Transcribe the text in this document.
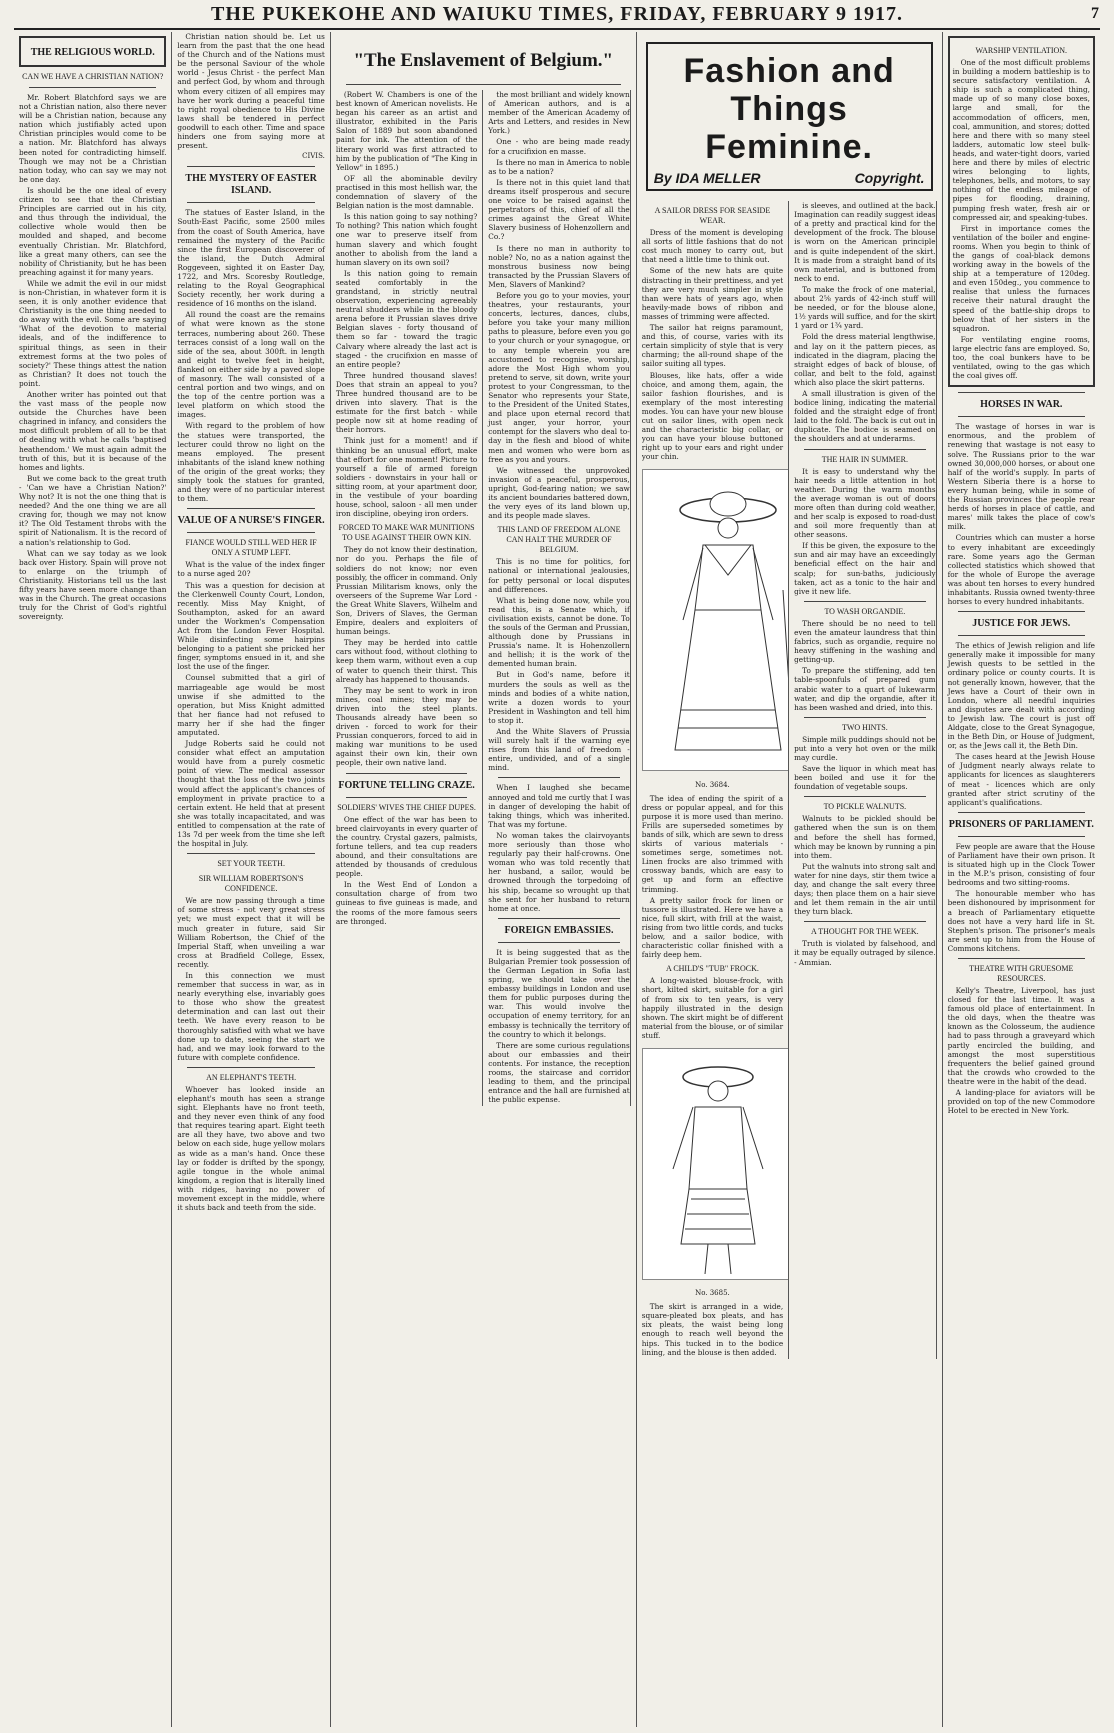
THE PUKEKOHE AND WAIUKU TIMES, FRIDAY, FEBRUARY 9 1917.	7
THE RELIGIOUS WORLD.
CAN WE HAVE A CHRISTIAN NATION?

Mr. Robert Blatchford says we are not a Christian nation, also there never will be a Christian nation, because any nation which justifiably acted upon Christian principles would come to be a nation. Mr. Blatchford has always been noted for contradicting himself. Though we may not be a Christian nation today, who can say we may not be one day.

Is should be the one ideal of every citizen to see that the Christian Principles are carried out in his city, and thus through the individual, the collective whole would then be moulded and shaped, and become eventually Christian. Mr. Blatchford, like a great many others, can see the nobility of Christianity, but he has been preaching against it for many years.

While we admit the evil in our midst is non-Christian, in whatever form it is seen, it is only another evidence that Christianity is the one thing needed to do away with the evil. Some are saying 'What of the devotion to material ideals, and of the indifference to spiritual things, as seen in their extremest forms at the two poles of society?' These things attest the nation as Christian? It does not touch the point.

Another writer has pointed out that the vast mass of the people now outside the Churches have been chagrined in infancy, and considers the most difficult problem of all to be that of dealing with what he calls 'baptised heathendom.' We must again admit the truth of this, but it is because of the homes and lights.

But we come back to the great truth - 'Can we have a Christian Nation?' Why not? It is not the one thing that is needed? And the one thing we are all craving for, though we may not know it? The Old Testament throbs with the spirit of Nationalism. It is the record of a nation's relationship to God.

What can we say today as we look back over History. Spain will prove not to enlarge on the triumph of Christianity. Historians tell us the last fifty years have seen more change than was in the Church. The great occasions truly for the Christ of God's rightful sovereignty.

Christian nation should be. Let us learn from the past that the one head of the Church and of the Nations must be the personal Saviour of the whole world - Jesus Christ - the perfect Man and perfect God, by whom and through whom every citizen of all empires may have her work during a peaceful time to right royal obedience to His Divine laws shall be tendered in perfect goodwill to each other. Time and space hinders one from saying more at present.

CIVIS.
THE MYSTERY OF EASTER ISLAND.

The statues of Easter Island, in the South-East Pacific, some 2500 miles from the coast of South America, have remained the mystery of the Pacific since the first European discoverer of the island, the Dutch Admiral Roggeveen, sighted it on Easter Day, 1722, and Mrs. Scoresby Routledge, relating to the Royal Geographical Society recently, her work during a residence of 16 months on the island.

All round the coast are the remains of what were known as the stone terraces, numbering about 260. These terraces consist of a long wall on the side of the sea, about 300ft. in length and eight to twelve feet in height, flanked on either side by a paved slope of masonry. The wall consisted of a central portion and two wings, and on the top of the centre portion was a level platform on which stood the images.

With regard to the problem of how the statues were transported, the lecturer could throw no light on the means employed. The present inhabitants of the island knew nothing of the origin of the great works; they simply took the statues for granted, and they were of no particular interest to them.

VALUE OF A NURSE'S FINGER.
FIANCE WOULD STILL WED HER IF ONLY A STUMP LEFT.

What is the value of the index finger to a nurse aged 20?

This was a question for decision at the Clerkenwell County Court, London, recently. Miss May Knight, of Southampton, asked for an award under the Workmen's Compensation Act from the London Fever Hospital. While disinfecting some hairpins belonging to a patient she pricked her finger, symptoms ensued in it, and she lost the use of the finger.

Counsel submitted that a girl of marriageable age would be most unwise if she admitted to the operation, but Miss Knight admitted that her fiance had not refused to marry her if she had the finger amputated.

Judge Roberts said he could not consider what effect an amputation would have from a purely cosmetic point of view. The medical assessor thought that the loss of the two joints would affect the applicant's chances of employment in private practice to a certain extent. He held that at present she was totally incapacitated, and was entitled to compensation at the rate of 13s 7d per week from the time she left the hospital in July.

SET YOUR TEETH.
SIR WILLIAM ROBERTSON'S CONFIDENCE.

We are now passing through a time of some stress - not very great stress yet; we must expect that it will be much greater in future, said Sir William Robertson, the Chief of the Imperial Staff, when unveiling a war cross at Bradfield College, Essex, recently.

In this connection we must remember that success in war, as in nearly everything else, invariably goes to those who show the greatest determination and can last out their teeth. We have every reason to be thoroughly satisfied with what we have done up to date, seeing the start we had, and we may look forward to the future with complete confidence.

AN ELEPHANT'S TEETH.

Whoever has looked inside an elephant's mouth has seen a strange sight. Elephants have no front teeth, and they never even think of any food that requires tearing apart. Eight teeth are all they have, two above and two below on each side, huge yellow molars as wide as a man's hand. Once these lay or fodder is drifted by the spongy, agile tongue in the whole animal kingdom, a region that is literally lined with ridges, having no power of movement except in the middle, where it shuts back and teeth from the side.

"The Enslavement of Belgium."

(Robert W. Chambers is one of the best known of American novelists. He began his career as an artist and illustrator, exhibited in the Paris Salon of 1889 but soon abandoned paint for ink. The attention of the literary world was first attracted to him by the publication of "The King in Yellow" in 1895.)

OF all the abominable devilry practised in this most hellish war, the condemnation of slavery of the Belgian nation is the most damnable.

Is this nation going to say nothing? To nothing? This nation which fought one war to preserve itself from human slavery and which fought another to abolish from the land a human slavery on its own soil?

Is this nation going to remain seated comfortably in the grandstand, in strictly neutral observation, experiencing agreeably neutral shudders while in the bloody arena before it Prussian slaves drive Belgian slaves - forty thousand of them so far - toward the tragic Calvary where already the last act is staged - the crucifixion en masse of an entire people?

Three hundred thousand slaves! Does that strain an appeal to you? Three hundred thousand are to be driven into slavery. That is the estimate for the first batch - while people now sit at home reading of their horrors.

Think just for a moment! and if thinking be an unusual effort, make that effort for one moment! Picture to yourself a file of armed foreign soldiers - downstairs in your hall or sitting room, at your apartment door, in the vestibule of your boarding house, school, saloon - all men under iron discipline, obeying iron orders.

FORCED TO MAKE WAR MUNITIONS TO USE AGAINST THEIR OWN KIN.

They do not know their destination, nor do you. Perhaps the file of soldiers do not know; nor even possibly, the officer in command. Only Prussian Militarism knows, only the overseers of the Supreme War Lord - the Great White Slavers, Wilhelm and Son, Drivers of Slaves, the German Empire, dealers and exploiters of human beings.

They may be herded into cattle cars without food, without clothing to keep them warm, without even a cup of water to quench their thirst. This already has happened to thousands.

They may be sent to work in iron mines, coal mines; they may be driven into the steel plants. Thousands already have been so driven - forced to work for their Prussian conquerors, forced to aid in making war munitions to be used against their own kin, their own people, their own native land.

FORTUNE TELLING CRAZE.
SOLDIERS' WIVES THE CHIEF DUPES.

One effect of the war has been to breed clairvoyants in every quarter of the country. Crystal gazers, palmists, fortune tellers, and tea cup readers abound, and their consultations are attended by thousands of credulous people.

In the West End of London a consultation charge of from two guineas to five guineas is made, and the rooms of the more famous seers are thronged.

the most brilliant and widely known of American authors, and is a member of the American Academy of Arts and Letters, and resides in New York.)

One - who are being made ready for a crucifixion en masse.

Is there no man in America to noble as to be a nation?

Is there not in this quiet land that dreams itself prosperous and secure one voice to be raised against the perpetrators of this, chief of all the crimes against the Great White Slavery business of Hohenzollern and Co.?

Is there no man in authority to noble? No, no as a nation against the monstrous business now being transacted by the Prussian Slavers of Men, Slavers of Mankind?

Before you go to your movies, your theatres, your restaurants, your concerts, lectures, dances, clubs, before you take your many million paths to pleasure, before even you go to your church or your synagogue, or to any temple wherein you are accustomed to recognise, worship, adore the Most High whom you pretend to serve, sit down, write your protest to your Congressman, to the Senator who represents your State, to the President of the United States, and place upon eternal record that just anger, your horror, your contempt for the slavers who deal to-day in the flesh and blood of white men and women who were born as free as you and yours.

We witnessed the unprovoked invasion of a peaceful, prosperous, upright, God-fearing nation; we saw its ancient boundaries battered down, the very eyes of its land blown up, and its people made slaves.

THIS LAND OF FREEDOM ALONE CAN HALT THE MURDER OF BELGIUM.

This is no time for politics, for national or international jealousies, for petty personal or local disputes and differences.

What is being done now, while you read this, is a Senate which, if civilisation exists, cannot be done. To the souls of the German and Prussian, although done by Prussians in Prussia's name. It is Hohenzollern and hellish; it is the work of the demented human brain.

But in God's name, before it murders the souls as well as the minds and bodies of a white nation, write a dozen words to your President in Washington and tell him to stop it.

And the White Slavers of Prussia will surely halt if the warning eye rises from this land of freedom - entire, undivided, and of a single mind.

When I laughed she became annoyed and told me curtly that I was in danger of developing the habit of taking things, which was inherited. That was my fortune.

No woman takes the clairvoyants more seriously than those who regularly pay their half-crowns. One woman who was told recently that her husband, a sailor, would be drowned through the torpedoing of his ship, became so wrought up that she sent for her husband to return home at once.

FOREIGN EMBASSIES.

It is being suggested that as the Bulgarian Premier took possession of the German Legation in Sofia last spring, we should take over the embassy buildings in London and use them for public purposes during the war. This would involve the occupation of enemy territory, for an embassy is technically the territory of the country to which it belongs.

There are some curious regulations about our embassies and their contents. For instance, the reception rooms, the staircase and corridor leading to them, and the principal entrance and the hall are furnished at the public expense.

Fashion and Things Feminine.
By IDA MELLER	Copyright.
A SAILOR DRESS FOR SEASIDE WEAR.

Dress of the moment is developing all sorts of little fashions that do not cost much money to carry out, but that need a little time to think out.

Some of the new hats are quite distracting in their prettiness, and yet they are very much simpler in style than were hats of years ago, when heavily-made bows of ribbon and masses of trimming were affected.

The sailor hat reigns paramount, and this, of course, varies with its certain simplicity of style that is very charming; the all-round shape of the sailor suiting all types.

Blouses, like hats, offer a wide choice, and among them, again, the sailor fashion flourishes, and is exemplary of the most interesting modes. You can have your new blouse cut on sailor lines, with open neck and the characteristic big collar, or you can have your blouse buttoned right up to your ears and right under your chin.

No. 3684.

The idea of ending the spirit of a dress or popular appeal, and for this purpose it is more used than merino. Frills are superseded sometimes by bands of silk, which are sewn to dress skirts of various materials - sometimes serge, sometimes not. Linen frocks are also trimmed with crossway bands, which are easy to get up and form an effective trimming.

A pretty sailor frock for linen or tussore is illustrated. Here we have a nice, full skirt, with frill at the waist, rising from two little cords, and tucks below, and a sailor bodice, with characteristic collar finished with a fairly deep hem.

A CHILD'S "TUB" FROCK.

A long-waisted blouse-frock, with short, kilted skirt, suitable for a girl of from six to ten years, is very happily illustrated in the design shown. The skirt might be of different material from the blouse, or of similar stuff.

No. 3685.

The skirt is arranged in a wide, square-pleated box pleats, and has six pleats, the waist being long enough to reach well beyond the hips. This tucked in to the bodice lining, and the blouse is then added.

is sleeves, and outlined at the back. Imagination can readily suggest ideas of a pretty and practical kind for the development of the frock. The blouse is worn on the American principle and is quite independent of the skirt. It is made from a straight band of its own material, and is buttoned from neck to end.

To make the frock of one material, about 2⅝ yards of 42-inch stuff will be needed, or for the blouse alone, 1½ yards will suffice, and for the skirt 1 yard or 1¾ yard.

Fold the dress material lengthwise, and lay on it the pattern pieces, as indicated in the diagram, placing the straight edges of back of blouse, of collar, and belt to the fold, against which also place the skirt patterns.

A small illustration is given of the bodice lining, indicating the material folded and the straight edge of front laid to the fold. The back is cut out in duplicate. The bodice is seamed on the shoulders and at underarms.

THE HAIR IN SUMMER.

It is easy to understand why the hair needs a little attention in hot weather. During the warm months the average woman is out of doors more often than during cold weather, and her scalp is exposed to road-dust and soil more frequently than at other seasons.

If this be given, the exposure to the sun and air may have an exceedingly beneficial effect on the hair and scalp; for sun-baths, judiciously taken, act as a tonic to the hair and give it new life.

TO WASH ORGANDIE.

There should be no need to tell even the amateur laundress that thin fabrics, such as organdie, require no heavy stiffening in the washing and getting-up.

To prepare the stiffening, add ten table-spoonfuls of prepared gum arabic water to a quart of lukewarm water, and dip the organdie, after it has been washed and dried, into this.

TWO HINTS.

Simple milk puddings should not be put into a very hot oven or the milk may curdle.

Save the liquor in which meat has been boiled and use it for the foundation of vegetable soups.

TO PICKLE WALNUTS.

Walnuts to be pickled should be gathered when the sun is on them and before the shell has formed, which may be known by running a pin into them.

Put the walnuts into strong salt and water for nine days, stir them twice a day, and change the salt every three days; then place them on a hair sieve and let them remain in the air until they turn black.

A THOUGHT FOR THE WEEK.

Truth is violated by falsehood, and it may be equally outraged by silence. - Ammian.

WARSHIP VENTILATION.

One of the most difficult problems in building a modern battleship is to secure satisfactory ventilation. A ship is such a complicated thing, made up of so many close boxes, large and small, for the accommodation of officers, men, coal, ammunition, and stores; dotted here and there with so many steel ladders, automatic low steel bulk-heads, and water-tight doors, varied here and there by miles of electric wires belonging to lights, telephones, bells, and motors, to say nothing of the endless mileage of pipes for flooding, draining, pumping fresh water, fresh air or compressed air, and speaking-tubes.

First in importance comes the ventilation of the boiler and engine-rooms. When you begin to think of the gangs of coal-black demons working away in the bowels of the ship at a temperature of 120deg. and even 150deg., you commence to realise that unless the furnaces receive their natural draught the speed of the battle-ship drops to below that of her sisters in the squadron.

For ventilating engine rooms, large electric fans are employed. So, too, the coal bunkers have to be ventilated, owing to the gas which the coal gives off.

HORSES IN WAR.

The wastage of horses in war is enormous, and the problem of renewing that wastage is not easy to solve. The Russians prior to the war owned 30,000,000 horses, or about one half of the world's supply. In parts of Western Siberia there is a horse to every human being, while in some of the Russian provinces the people rear herds of horses in place of cattle, and mares' milk takes the place of cow's milk.

Countries which can muster a horse to every inhabitant are exceedingly rare. Some years ago the German collected statistics which showed that for the whole of Europe the average was about ten horses to every hundred inhabitants. Russia owned twenty-three horses to every hundred inhabitants.

JUSTICE FOR JEWS.

The ethics of Jewish religion and life generally make it impossible for many Jewish quests to be settled in the ordinary police or county courts. It is not generally known, however, that the Jews have a Court of their own in London, where all needful inquiries and disputes are dealt with according to Jewish law. The court is just off Aldgate, close to the Great Synagogue, in the Beth Din, or House of Judgment, or, as the Jews call it, the Beth Din.

The cases heard at the Jewish House of Judgment nearly always relate to applicants for licences as slaughterers of meat - licences which are only granted after strict scrutiny of the applicant's qualifications.

PRISONERS OF PARLIAMENT.

Few people are aware that the House of Parliament have their own prison. It is situated high up in the Clock Tower in the M.P.'s prison, consisting of four bedrooms and two sitting-rooms.

The honourable member who has been dishonoured by imprisonment for a breach of Parliamentary etiquette does not have a very hard life in St. Stephen's prison. The prisoner's meals are sent up to him from the House of Commons kitchens.

THEATRE WITH GRUESOME RESOURCES.

Kelly's Theatre, Liverpool, has just closed for the last time. It was a famous old place of entertainment. In the old days, when the theatre was known as the Colosseum, the audience had to pass through a graveyard which partly encircled the building, and amongst the most superstitious frequenters the belief gained ground that the crowds who crowded to the theatre were in the habit of the dead.

A landing-place for aviators will be provided on top of the new Commodore Hotel to be erected in New York.
